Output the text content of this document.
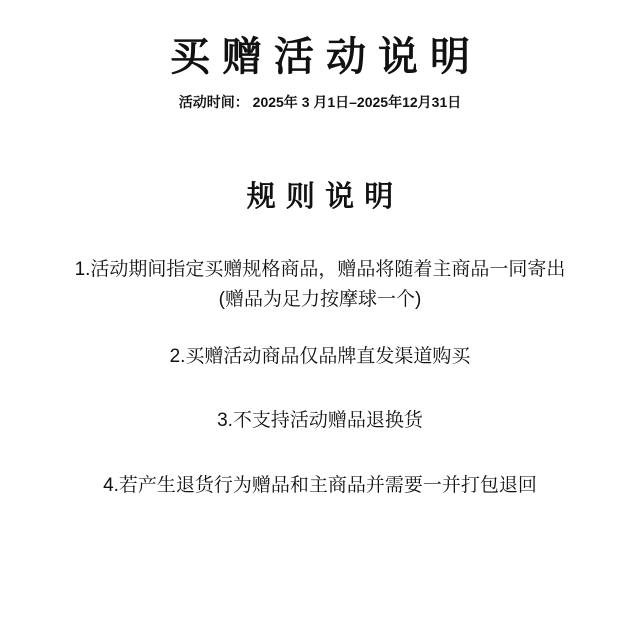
买赠活动说明

活动时间： 2025年 3 月1日–2025年12月31日

规则说明

1.活动期间指定买赠规格商品，赠品将随着主商品一同寄出
(赠品为足力按摩球一个)

2.买赠活动商品仅品牌直发渠道购买

3.不支持活动赠品退换货

4.若产生退货行为赠品和主商品并需要一并打包退回
